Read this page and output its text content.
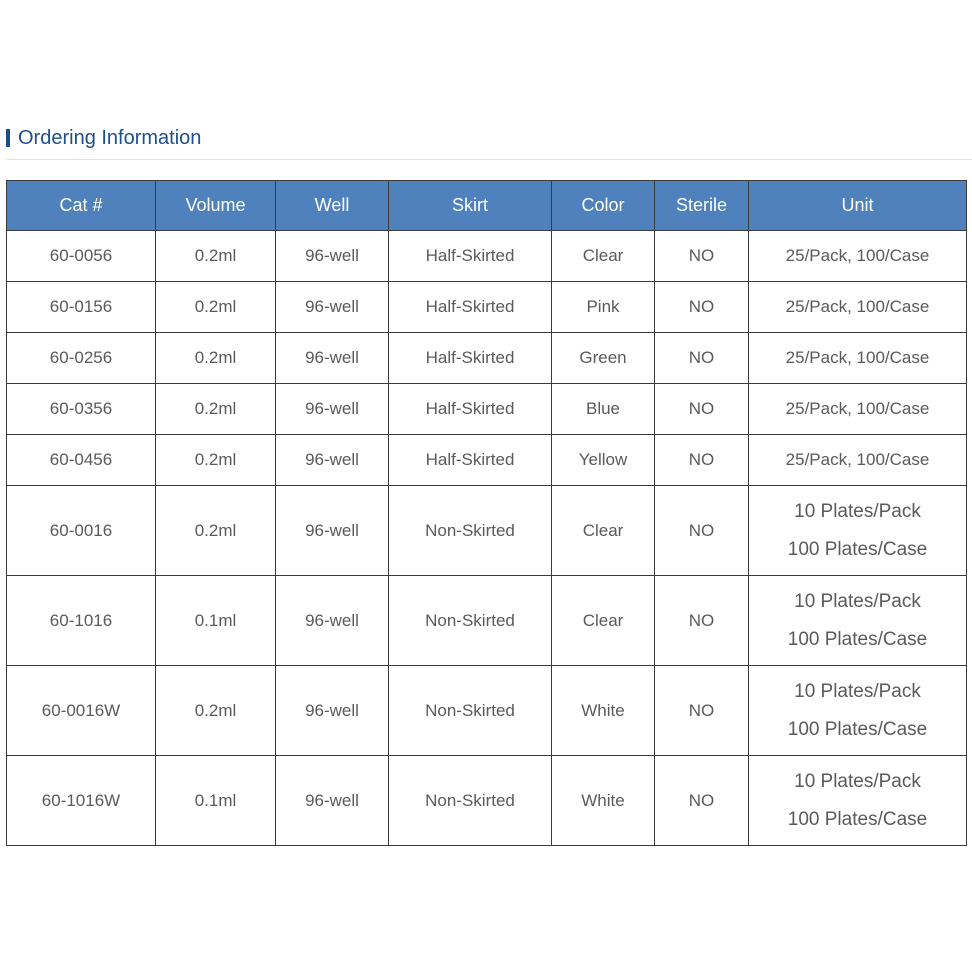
Ordering Information
Cat #	Volume	Well	Skirt	Color	Sterile	Unit
60-0056	0.2ml	96-well	Half-Skirted	Clear	NO	25/Pack, 100/Case
60-0156	0.2ml	96-well	Half-Skirted	Pink	NO	25/Pack, 100/Case
60-0256	0.2ml	96-well	Half-Skirted	Green	NO	25/Pack, 100/Case
60-0356	0.2ml	96-well	Half-Skirted	Blue	NO	25/Pack, 100/Case
60-0456	0.2ml	96-well	Half-Skirted	Yellow	NO	25/Pack, 100/Case
60-0016	0.2ml	96-well	Non-Skirted	Clear	NO	10 Plates/Pack
100 Plates/Case

60-1016	0.1ml	96-well	Non-Skirted	Clear	NO	10 Plates/Pack
100 Plates/Case

60-0016W	0.2ml	96-well	Non-Skirted	White	NO	10 Plates/Pack
100 Plates/Case

60-1016W	0.1ml	96-well	Non-Skirted	White	NO	10 Plates/Pack
100 Plates/Case
